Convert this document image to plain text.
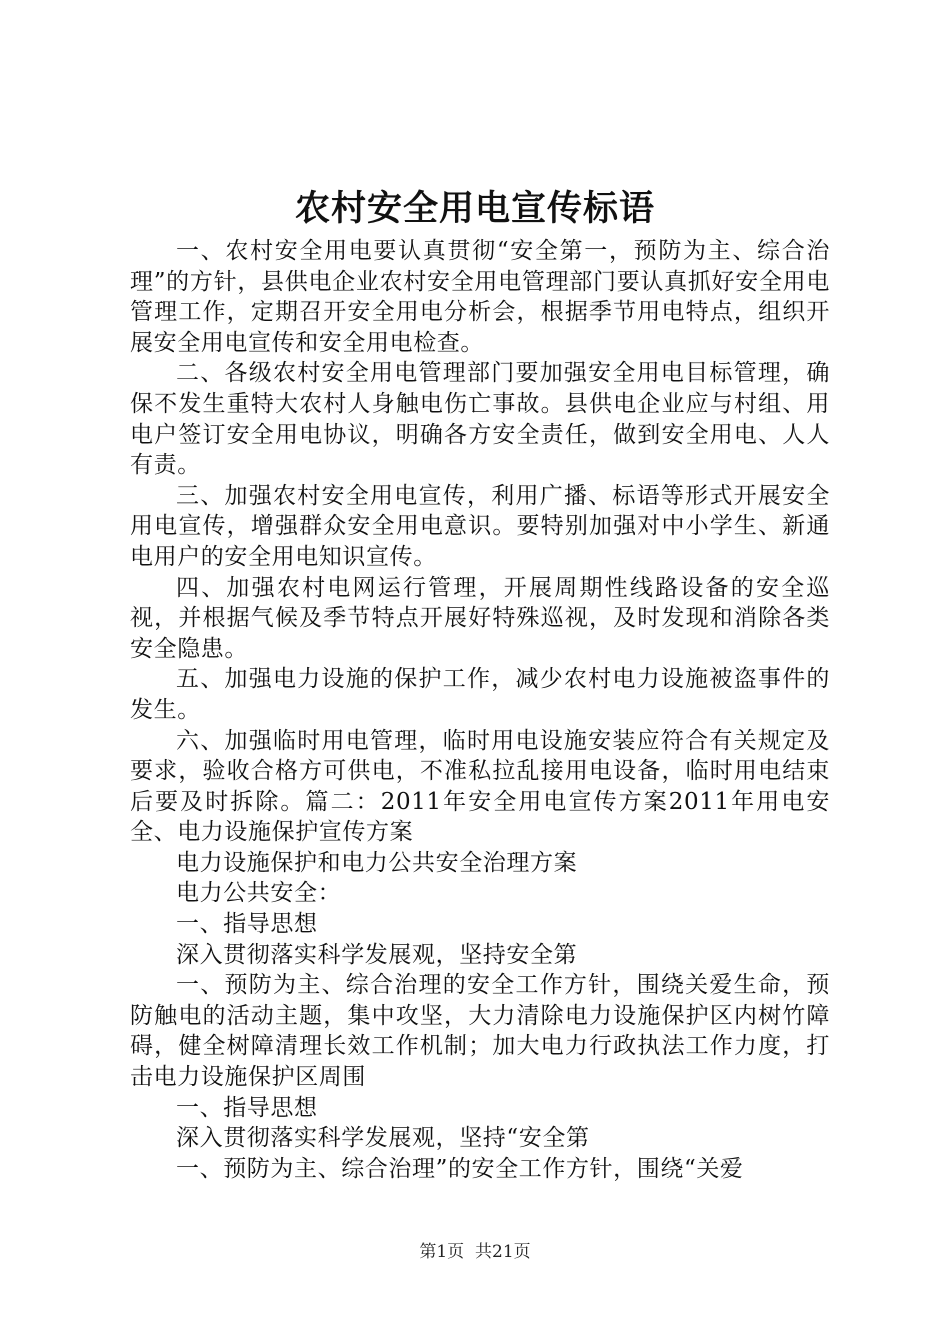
农村安全用电宣传标语

一、农村安全用电要认真贯彻“安全第一，预防为主、综合治理”的方针，县供电企业农村安全用电管理部门要认真抓好安全用电管理工作，定期召开安全用电分析会，根据季节用电特点，组织开展安全用电宣传和安全用电检查。

二、各级农村安全用电管理部门要加强安全用电目标管理，确保不发生重特大农村人身触电伤亡事故。县供电企业应与村组、用电户签订安全用电协议，明确各方安全责任，做到安全用电、人人有责。

三、加强农村安全用电宣传，利用广播、标语等形式开展安全用电宣传，增强群众安全用电意识。要特别加强对中小学生、新通电用户的安全用电知识宣传。

四、加强农村电网运行管理，开展周期性线路设备的安全巡视，并根据气候及季节特点开展好特殊巡视，及时发现和消除各类安全隐患。

五、加强电力设施的保护工作，减少农村电力设施被盗事件的发生。

六、加强临时用电管理，临时用电设施安装应符合有关规定及要求，验收合格方可供电，不准私拉乱接用电设备，临时用电结束后要及时拆除。篇二：2011年安全用电宣传方案2011年用电安全、电力设施保护宣传方案

电力设施保护和电力公共安全治理方案

电力公共安全：

一、指导思想

深入贯彻落实科学发展观，坚持安全第

一、预防为主、综合治理的安全工作方针，围绕关爱生命，预防触电的活动主题，集中攻坚，大力清除电力设施保护区内树竹障碍，健全树障清理长效工作机制；加大电力行政执法工作力度，打击电力设施保护区周围

一、指导思想

深入贯彻落实科学发展观，坚持“安全第

一、预防为主、综合治理”的安全工作方针，围绕“关爱

第1页 共21页
